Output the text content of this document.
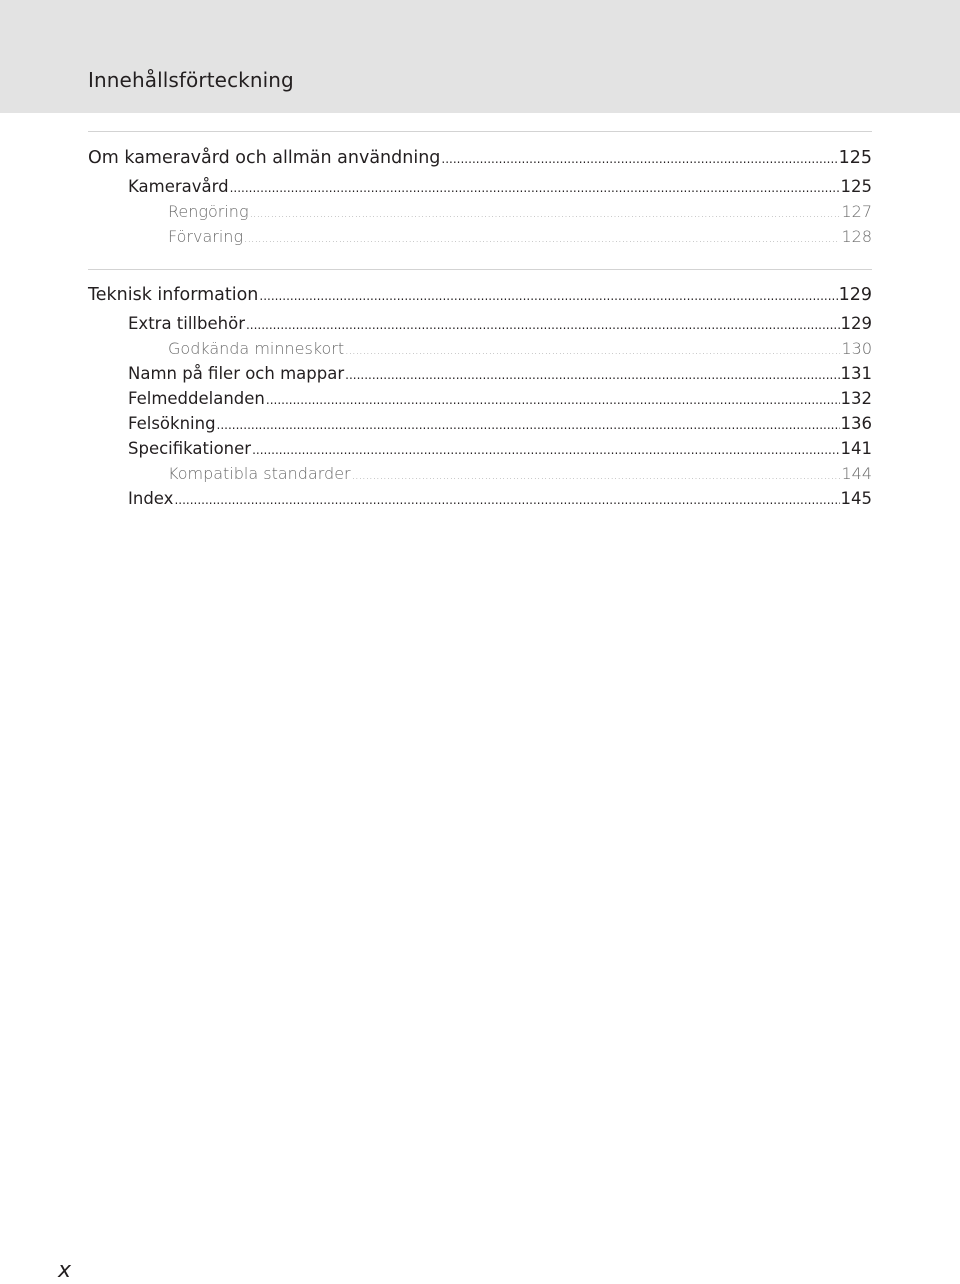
Innehållsförteckning
Om kameravård och allmän användning .....	125
Kameravård .....	125
Rengöring .....	127
Förvaring .....	128
Teknisk information .....	129
Extra tillbehör .....	129
Godkända minneskort .....	130
Namn på filer och mappar .....	131
Felmeddelanden .....	132
Felsökning .....	136
Specifikationer .....	141
Kompatibla standarder .....	144
Index .....	145
x
